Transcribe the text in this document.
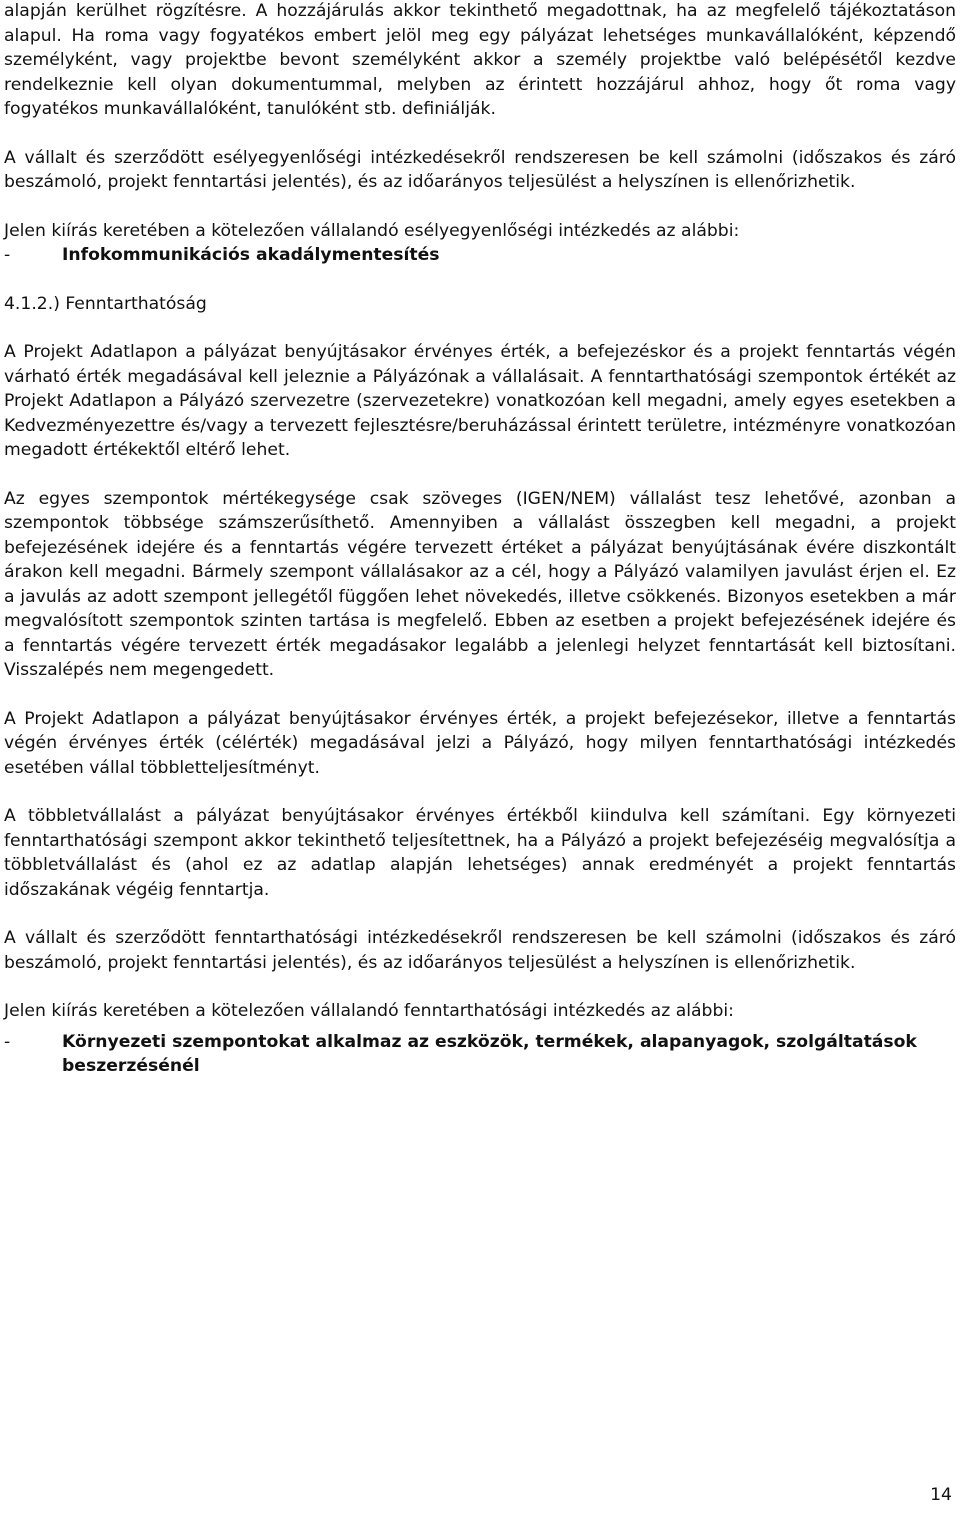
alapján kerülhet rögzítésre. A hozzájárulás akkor tekinthető megadottnak, ha az megfelelő tájékoztatáson alapul. Ha roma vagy fogyatékos embert jelöl meg egy pályázat lehetséges munkavállalóként, képzendő személyként, vagy projektbe bevont személyként akkor a személy projektbe való belépésétől kezdve rendelkeznie kell olyan dokumentummal, melyben az érintett hozzájárul ahhoz, hogy őt roma vagy fogyatékos munkavállalóként, tanulóként stb. definiálják.

A vállalt és szerződött esélyegyenlőségi intézkedésekről rendszeresen be kell számolni (időszakos és záró beszámoló, projekt fenntartási jelentés), és az időarányos teljesülést a helyszínen is ellenőrizhetik.

Jelen kiírás keretében a kötelezően vállalandó esélyegyenlőségi intézkedés az alábbi:

-	Infokommunikációs akadálymentesítés

4.1.2.) Fenntarthatóság

A Projekt Adatlapon a pályázat benyújtásakor érvényes érték, a befejezéskor és a projekt fenntartás végén várható érték megadásával kell jeleznie a Pályázónak a vállalásait. A fenntarthatósági szempontok értékét az Projekt Adatlapon a Pályázó szervezetre (szervezetekre) vonatkozóan kell megadni, amely egyes esetekben a Kedvezményezettre és/vagy a tervezett fejlesztésre/beruházással érintett területre, intézményre vonatkozóan megadott értékektől eltérő lehet.

Az egyes szempontok mértékegysége csak szöveges (IGEN/NEM) vállalást tesz lehetővé, azonban a szempontok többsége számszerűsíthető. Amennyiben a vállalást összegben kell megadni, a projekt befejezésének idejére és a fenntartás végére tervezett értéket a pályázat benyújtásának évére diszkontált árakon kell megadni. Bármely szempont vállalásakor az a cél, hogy a Pályázó valamilyen javulást érjen el. Ez a javulás az adott szempont jellegétől függően lehet növekedés, illetve csökkenés. Bizonyos esetekben a már megvalósított szempontok szinten tartása is megfelelő. Ebben az esetben a projekt befejezésének idejére és a fenntartás végére tervezett érték megadásakor legalább a jelenlegi helyzet fenntartását kell biztosítani. Visszalépés nem megengedett.

A Projekt Adatlapon a pályázat benyújtásakor érvényes érték, a projekt befejezésekor, illetve a fenntartás végén érvényes érték (célérték) megadásával jelzi a Pályázó, hogy milyen fenntarthatósági intézkedés esetében vállal többletteljesítményt.

A többletvállalást a pályázat benyújtásakor érvényes értékből kiindulva kell számítani. Egy környezeti fenntarthatósági szempont akkor tekinthető teljesítettnek, ha a Pályázó a projekt befejezéséig megvalósítja a többletvállalást és (ahol ez az adatlap alapján lehetséges) annak eredményét a projekt fenntartás időszakának végéig fenntartja.

A vállalt és szerződött fenntarthatósági intézkedésekről rendszeresen be kell számolni (időszakos és záró beszámoló, projekt fenntartási jelentés), és az időarányos teljesülést a helyszínen is ellenőrizhetik.

Jelen kiírás keretében a kötelezően vállalandó fenntarthatósági intézkedés az alábbi:

-	Környezeti szempontokat alkalmaz az eszközök, termékek, alapanyagok, szolgáltatások beszerzésénél
14
